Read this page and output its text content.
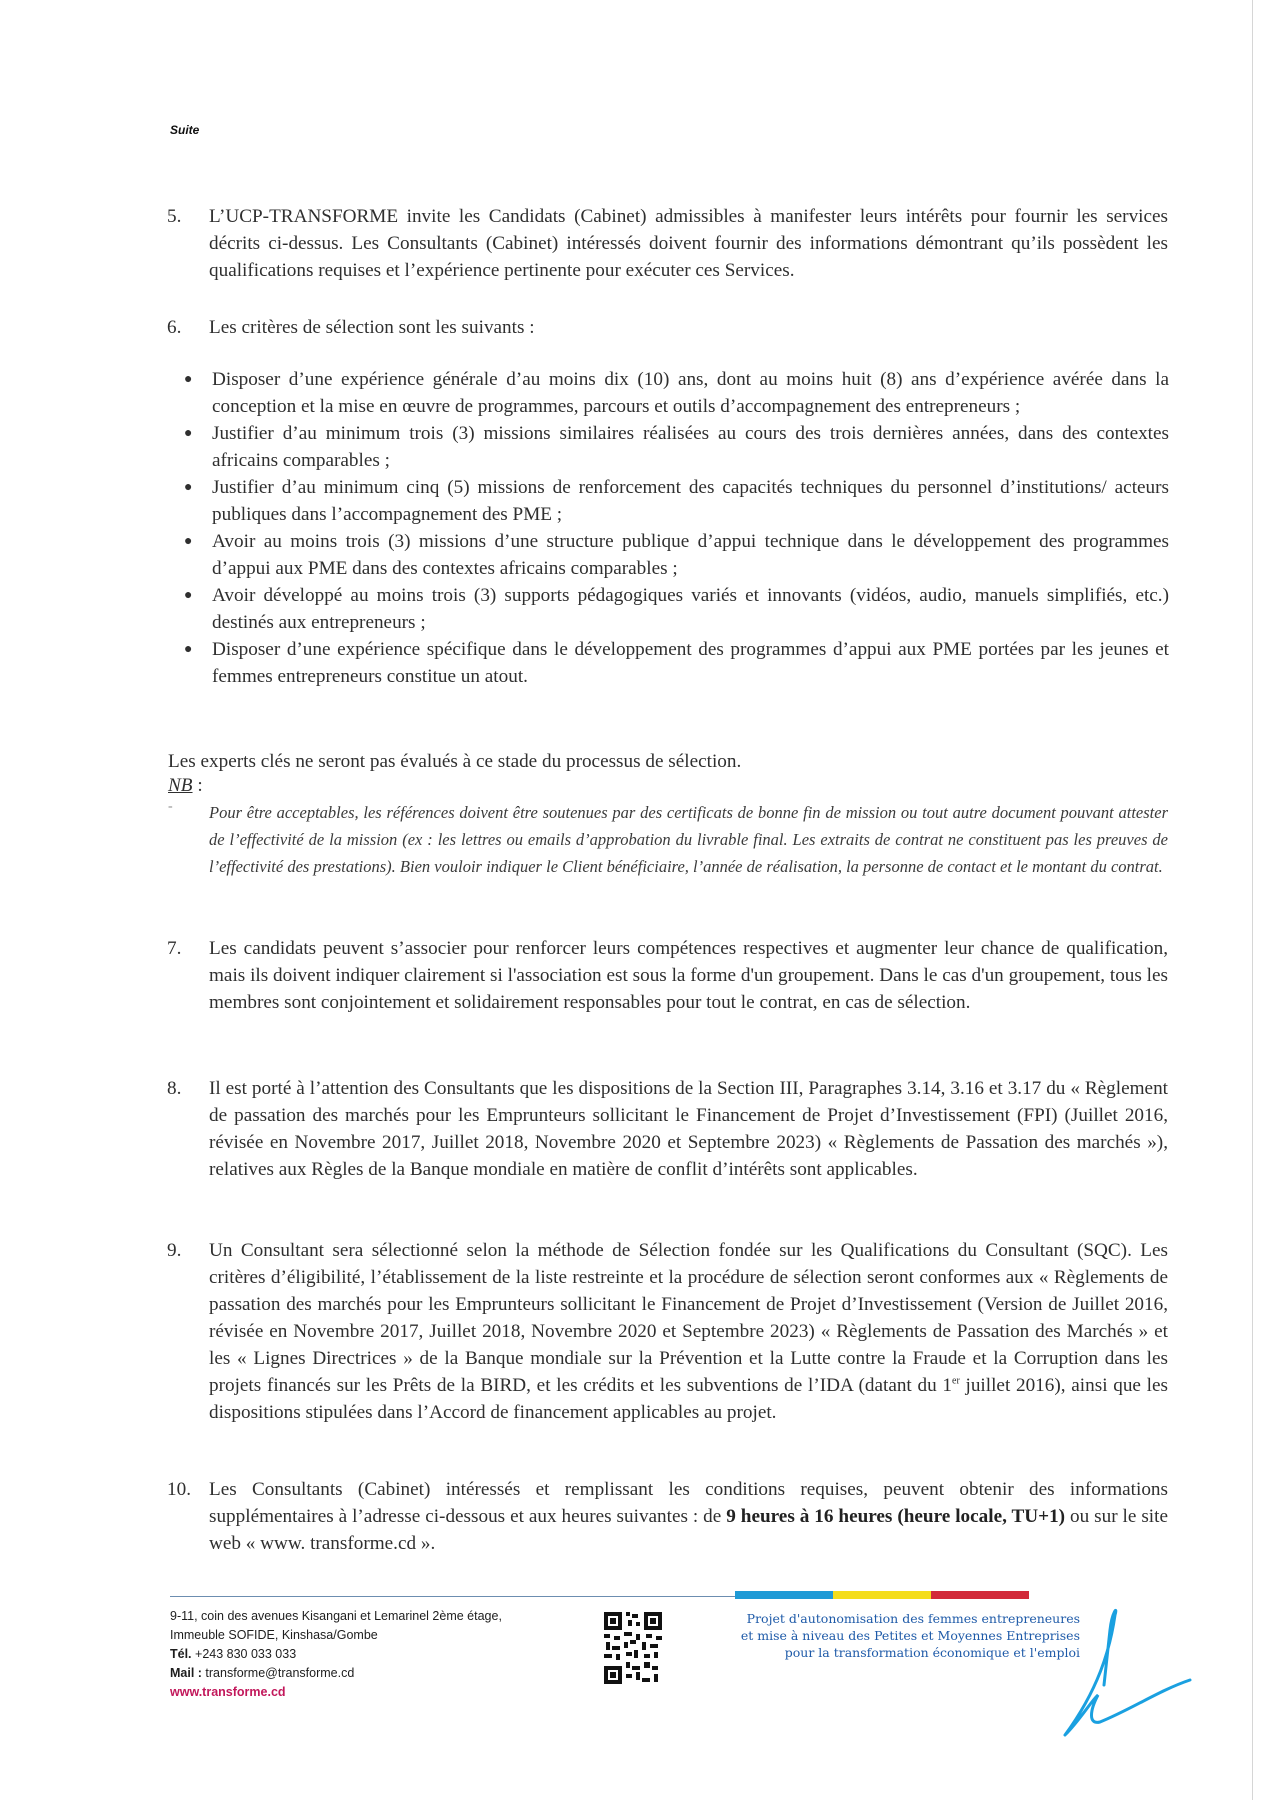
Suite
5. L’UCP-TRANSFORME invite les Candidats (Cabinet) admissibles à manifester leurs intérêts pour fournir les services décrits ci-dessus. Les Consultants (Cabinet) intéressés doivent fournir des informations démontrant qu’ils possèdent les qualifications requises et l’expérience pertinente pour exécuter ces Services.
6. Les critères de sélection sont les suivants :
● Disposer d’une expérience générale d’au moins dix (10) ans, dont au moins huit (8) ans d’expérience avérée dans la conception et la mise en œuvre de programmes, parcours et outils d’accompagnement des entrepreneurs ;
● Justifier d’au minimum trois (3) missions similaires réalisées au cours des trois dernières années, dans des contextes africains comparables ;
● Justifier d’au minimum cinq (5) missions de renforcement des capacités techniques du personnel d’institutions/ acteurs publiques dans l’accompagnement des PME ;
● Avoir au moins trois (3) missions d’une structure publique d’appui technique dans le développement des programmes d’appui aux PME dans des contextes africains comparables ;
● Avoir développé au moins trois (3) supports pédagogiques variés et innovants (vidéos, audio, manuels simplifiés, etc.) destinés aux entrepreneurs ;
● Disposer d’une expérience spécifique dans le développement des programmes d’appui aux PME portées par les jeunes et femmes entrepreneurs constitue un atout.
Les experts clés ne seront pas évalués à ce stade du processus de sélection.
NB :
- Pour être acceptables, les références doivent être soutenues par des certificats de bonne fin de mission ou tout autre document pouvant attester de l’effectivité de la mission (ex : les lettres ou emails d’approbation du livrable final. Les extraits de contrat ne constituent pas les preuves de l’effectivité des prestations). Bien vouloir indiquer le Client bénéficiaire, l’année de réalisation, la personne de contact et le montant du contrat.
7. Les candidats peuvent s’associer pour renforcer leurs compétences respectives et augmenter leur chance de qualification, mais ils doivent indiquer clairement si l'association est sous la forme d'un groupement. Dans le cas d'un groupement, tous les membres sont conjointement et solidairement responsables pour tout le contrat, en cas de sélection.
8. Il est porté à l’attention des Consultants que les dispositions de la Section III, Paragraphes 3.14, 3.16 et 3.17 du « Règlement de passation des marchés pour les Emprunteurs sollicitant le Financement de Projet d’Investissement (FPI) (Juillet 2016, révisée en Novembre 2017, Juillet 2018, Novembre 2020 et Septembre 2023) « Règlements de Passation des marchés »), relatives aux Règles de la Banque mondiale en matière de conflit d’intérêts sont applicables.
9. Un Consultant sera sélectionné selon la méthode de Sélection fondée sur les Qualifications du Consultant (SQC). Les critères d’éligibilité, l’établissement de la liste restreinte et la procédure de sélection seront conformes aux « Règlements de passation des marchés pour les Emprunteurs sollicitant le Financement de Projet d’Investissement (Version de Juillet 2016, révisée en Novembre 2017, Juillet 2018, Novembre 2020 et Septembre 2023) « Règlements de Passation des Marchés » et les « Lignes Directrices » de la Banque mondiale sur la Prévention et la Lutte contre la Fraude et la Corruption dans les projets financés sur les Prêts de la BIRD, et les crédits et les subventions de l’IDA (datant du 1er juillet 2016), ainsi que les dispositions stipulées dans l’Accord de financement applicables au projet.
10. Les Consultants (Cabinet) intéressés et remplissant les conditions requises, peuvent obtenir des informations supplémentaires à l’adresse ci-dessous et aux heures suivantes : de 9 heures à 16 heures (heure locale, TU+1) ou sur le site web « www. transforme.cd ».
9-11, coin des avenues Kisangani et Lemarinel 2ème étage,
Immeuble SOFIDE, Kinshasa/Gombe
Tél. +243 830 033 033
Mail : transforme@transforme.cd
www.transforme.cd
Projet d'autonomisation des femmes entrepreneures
et mise à niveau des Petites et Moyennes Entreprises
pour la transformation économique et l'emploi
